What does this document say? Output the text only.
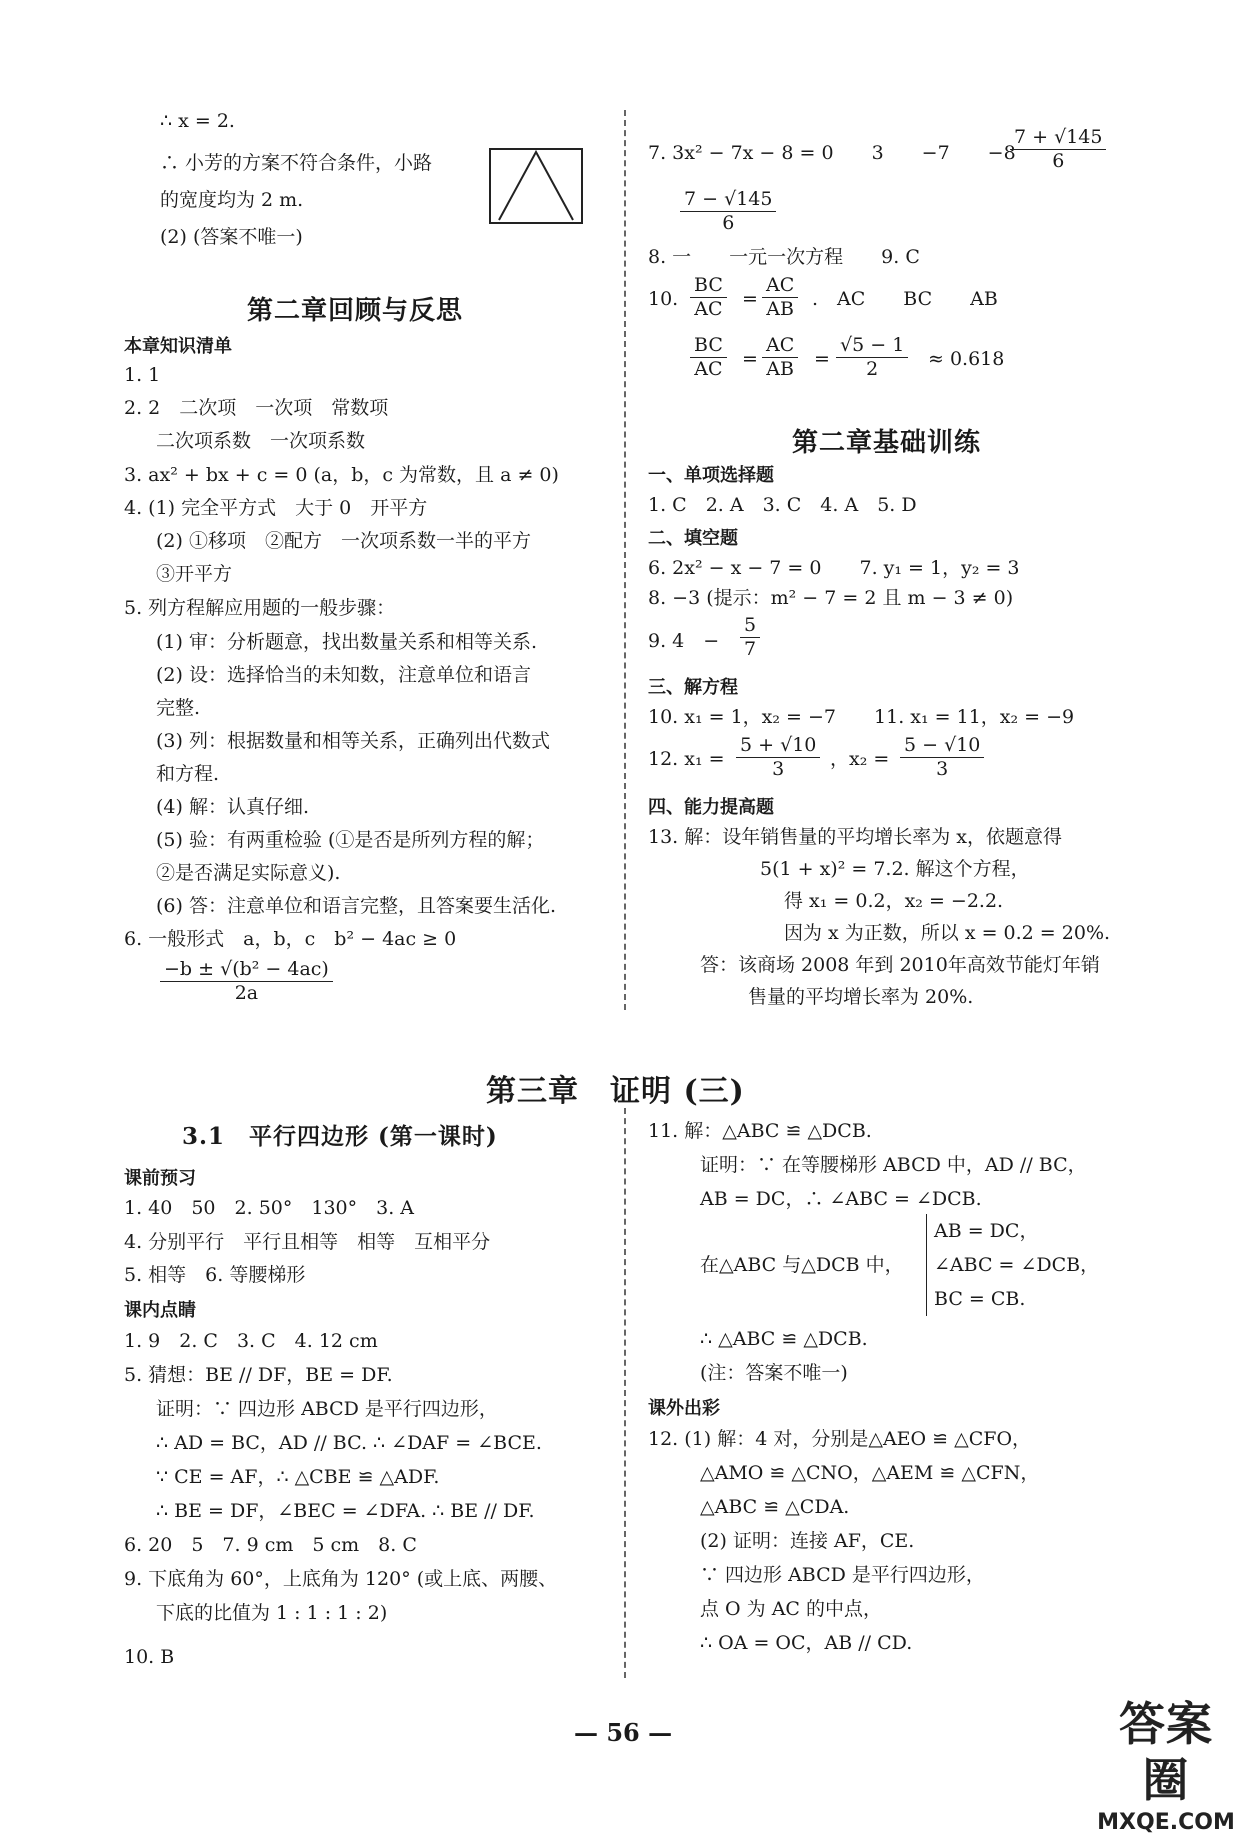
∴ x = 2.
∴ 小芳的方案不符合条件，小路
的宽度均为 2 m.
(2) (答案不唯一)
第二章回顾与反思
本章知识清单
1. 1
2. 2　二次项　一次项　常数项
二次项系数　一次项系数
3. ax² + bx + c = 0 (a，b，c 为常数，且 a ≠ 0)
4. (1) 完全平方式　大于 0　开平方
(2) ①移项　②配方　一次项系数一半的平方
③开平方
5. 列方程解应用题的一般步骤：
(1) 审：分析题意，找出数量关系和相等关系.
(2) 设：选择恰当的未知数，注意单位和语言
完整.
(3) 列：根据数量和相等关系，正确列出代数式
和方程.
(4) 解：认真仔细.
(5) 验：有两重检验 (①是否是所列方程的解；
②是否满足实际意义).
(6) 答：注意单位和语言完整，且答案要生活化.
6. 一般形式　a，b，c　b² − 4ac ≥ 0
$\frac{\text{−b ± √(b² − 4ac)}}{2a}$
7. 3x² − 7x − 8 = 0　　3　　−7　　−8
$\frac{7 + √145}{6}$
$\frac{7 - √145}{6}$
8. 一　　一元一次方程　　9. C
10. $\frac{BC}{AC} = \frac{AC}{AB}$ .　AC　　BC　　AB
$\frac{BC}{AC} = \frac{AC}{AB} = \frac{√5 - 1}{2} \approx 0.618$
第二章基础训练
一、单项选择题
1. C　2. A　3. C　4. A　5. D
二、填空题
6. 2x² − x − 7 = 0　　7. y₁ = 1，y₂ = 3
8. −3 (提示：m² − 7 = 2 且 m − 3 ≠ 0)
9. 4　− $\frac{5}{7}$
三、解方程
10. x₁ = 1，x₂ = −7　　11. x₁ = 11，x₂ = −9
12. $x_1 = \frac{5 + √10}{3}$ ，$x_2 = \frac{5 - √10}{3}$
四、能力提高题
13. 解：设年销售量的平均增长率为 x，依题意得
5(1 + x)² = 7.2. 解这个方程，
得 x₁ = 0.2，x₂ = −2.2.
因为 x 为正数，所以 x = 0.2 = 20%.
答：该商场 2008 年到 2010年高效节能灯年销
售量的平均增长率为 20%.
第三章　证明 (三)
3.1　平行四边形 (第一课时)
课前预习
1. 40　50　2. 50°　130°　3. A
4. 分别平行　平行且相等　相等　互相平分
5. 相等　6. 等腰梯形
课内点睛
1. 9　2. C　3. C　4. 12 cm
5. 猜想：BE // DF，BE = DF.
证明：∵ 四边形 ABCD 是平行四边形，
∴ AD = BC，AD // BC. ∴ ∠DAF = ∠BCE.
∵ CE = AF，∴ △CBE ≌ △ADF.
∴ BE = DF，∠BEC = ∠DFA. ∴ BE // DF.
6. 20　5　7. 9 cm　5 cm　8. C
9. 下底角为 60°，上底角为 120° (或上底、两腰、
下底的比值为 1 : 1 : 1 : 2)
10. B
11. 解：△ABC ≌ △DCB.
证明：∵ 在等腰梯形 ABCD 中，AD // BC，
AB = DC，∴ ∠ABC = ∠DCB.
在△ABC 与△DCB 中，
AB = DC，
∠ABC = ∠DCB，
BC = CB.
∴ △ABC ≌ △DCB.
(注：答案不唯一)
课外出彩
12. (1) 解：4 对，分别是△AEO ≌ △CFO，
△AMO ≌ △CNO，△AEM ≌ △CFN，
△ABC ≌ △CDA.
(2) 证明：连接 AF，CE.
∵ 四边形 ABCD 是平行四边形，
点 O 为 AC 的中点，
∴ OA = OC，AB // CD.
— 56 —	答案圈
MXQE.COM
